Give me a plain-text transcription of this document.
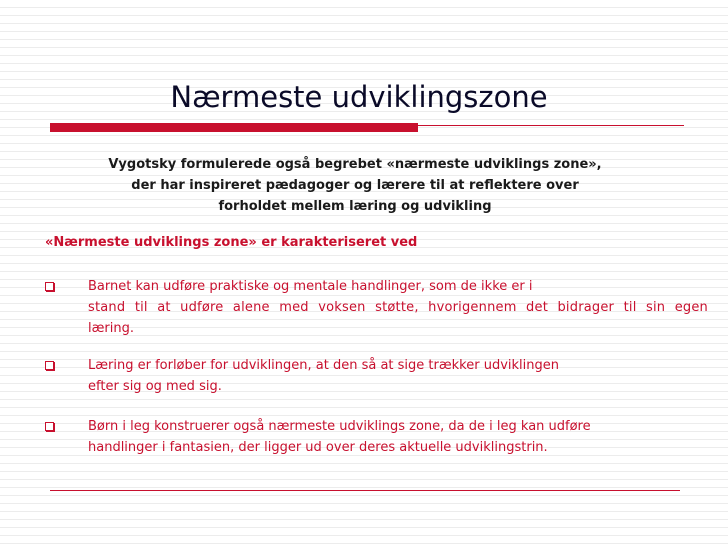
Nærmeste udviklingszone
Vygotsky formulerede også begrebet «nærmeste udviklings zone»,
der har inspireret pædagoger og lærere til at reflektere over
forholdet mellem læring og udvikling

«Nærmeste udviklings zone» er karakteriseret ved

Barnet kan udføre praktiske og mentale handlinger, som de ikke er i
stand til at udføre alene med voksen støtte, hvorigennem det bidrager til sin egen
læring.
Læring er forløber for udviklingen, at den så at sige trækker udviklingen
efter sig og med sig.
Børn i leg konstruerer også nærmeste udviklings zone, da de i leg kan udføre
handlinger i fantasien, der ligger ud over deres aktuelle udviklingstrin.
